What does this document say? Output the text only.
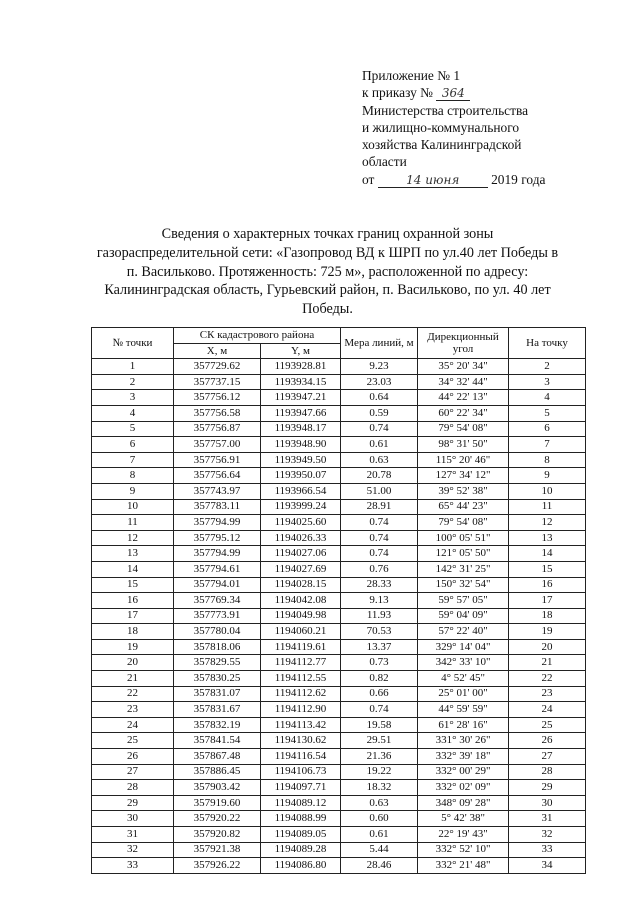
Приложение № 1
к приказу № 364
Министерства строительства
и жилищно-коммунального
хозяйства Калининградской
области
от	14 июня 2019 года
Сведения о характерных точках границ охранной зоны газораспределительной сети: «Газопровод ВД к ШРП по ул.40 лет Победы в п. Васильково. Протяженность: 725 м», расположенной по адресу: Калининградская область, Гурьевский район, п. Васильково, по ул. 40 лет Победы.
№ точки	СК кадастрового района		Мера линий, м	Дирекционный угол	На точку
	X, м	Y, м			
1	357729.62	1193928.81	9.23	35° 20' 34"	2
2	357737.15	1193934.15	23.03	34° 32' 44"	3
3	357756.12	1193947.21	0.64	44° 22' 13"	4
4	357756.58	1193947.66	0.59	60° 22' 34"	5
5	357756.87	1193948.17	0.74	79° 54' 08"	6
6	357757.00	1193948.90	0.61	98° 31' 50"	7
7	357756.91	1193949.50	0.63	115° 20' 46"	8
8	357756.64	1193950.07	20.78	127° 34' 12"	9
9	357743.97	1193966.54	51.00	39° 52' 38"	10
10	357783.11	1193999.24	28.91	65° 44' 23"	11
11	357794.99	1194025.60	0.74	79° 54' 08"	12
12	357795.12	1194026.33	0.74	100° 05' 51"	13
13	357794.99	1194027.06	0.74	121° 05' 50"	14
14	357794.61	1194027.69	0.76	142° 31' 25"	15
15	357794.01	1194028.15	28.33	150° 32' 54"	16
16	357769.34	1194042.08	9.13	59° 57' 05"	17
17	357773.91	1194049.98	11.93	59° 04' 09"	18
18	357780.04	1194060.21	70.53	57° 22' 40"	19
19	357818.06	1194119.61	13.37	329° 14' 04"	20
20	357829.55	1194112.77	0.73	342° 33' 10"	21
21	357830.25	1194112.55	0.82	4° 52' 45"	22
22	357831.07	1194112.62	0.66	25° 01' 00"	23
23	357831.67	1194112.90	0.74	44° 59' 59"	24
24	357832.19	1194113.42	19.58	61° 28' 16"	25
25	357841.54	1194130.62	29.51	331° 30' 26"	26
26	357867.48	1194116.54	21.36	332° 39' 18"	27
27	357886.45	1194106.73	19.22	332° 00' 29"	28
28	357903.42	1194097.71	18.32	332° 02' 09"	29
29	357919.60	1194089.12	0.63	348° 09' 28"	30
30	357920.22	1194088.99	0.60	5° 42' 38"	31
31	357920.82	1194089.05	0.61	22° 19' 43"	32
32	357921.38	1194089.28	5.44	332° 52' 10"	33
33	357926.22	1194086.80	28.46	332° 21' 48"	34
